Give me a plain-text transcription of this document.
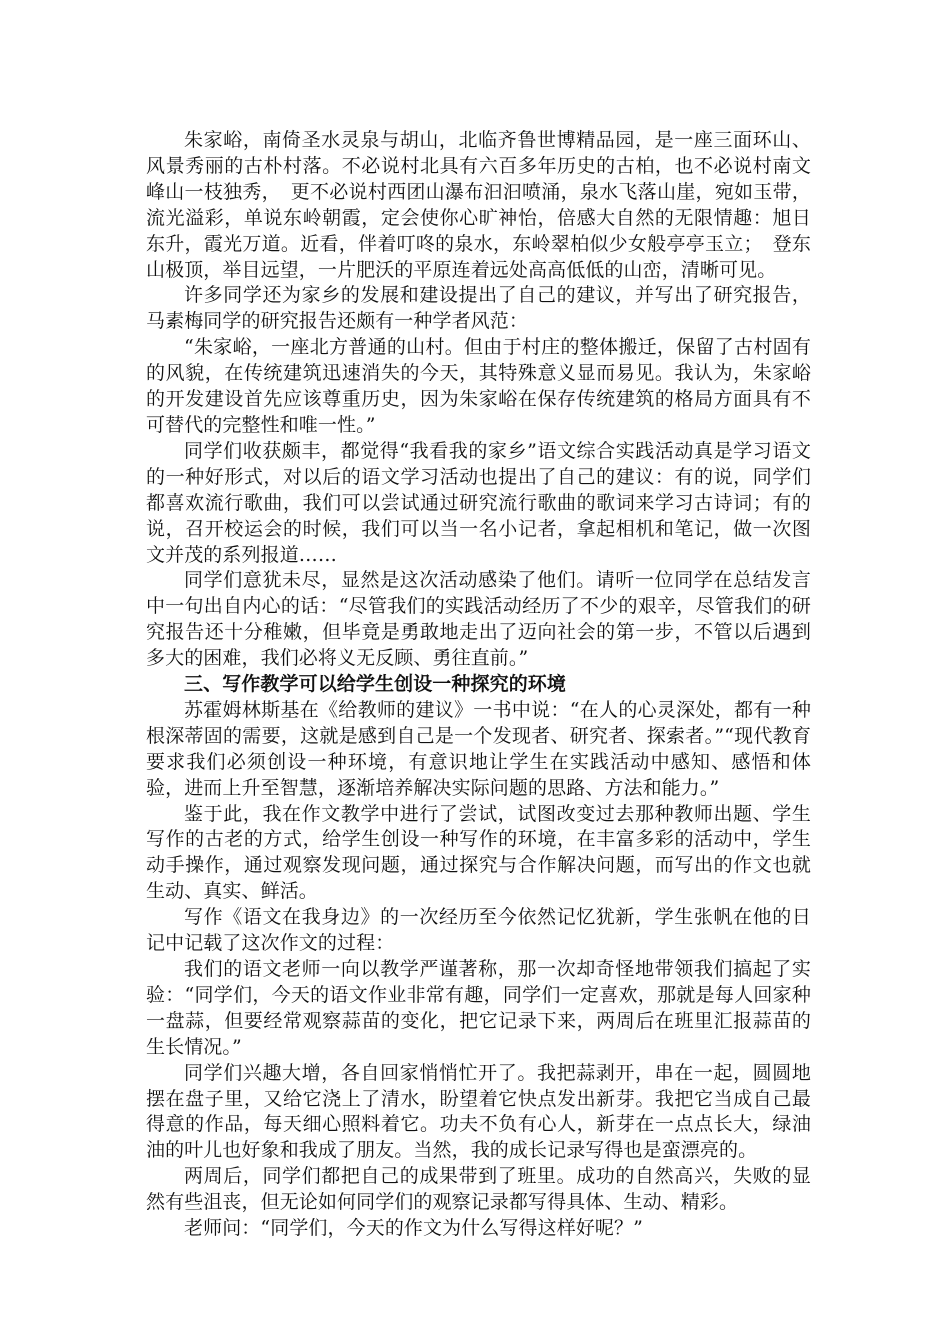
朱家峪，南倚圣水灵泉与胡山，北临齐鲁世博精品园，是一座三面环山、风景秀丽的古朴村落。不必说村北具有六百多年历史的古柏，也不必说村南文峰山一枝独秀，　更不必说村西团山瀑布汩汩喷涌，泉水飞落山崖，宛如玉带，流光溢彩，单说东岭朝霞，定会使你心旷神怡，倍感大自然的无限情趣：旭日东升，霞光万道。近看，伴着叮咚的泉水，东岭翠柏似少女般亭亭玉立；　登东山极顶，举目远望，一片肥沃的平原连着远处高高低低的山峦，清晰可见。

许多同学还为家乡的发展和建设提出了自己的建议，并写出了研究报告，马素梅同学的研究报告还颇有一种学者风范：

“朱家峪，一座北方普通的山村。但由于村庄的整体搬迁，保留了古村固有的风貌，在传统建筑迅速消失的今天，其特殊意义显而易见。我认为，朱家峪的开发建设首先应该尊重历史，因为朱家峪在保存传统建筑的格局方面具有不可替代的完整性和唯一性。”

同学们收获颇丰，都觉得“我看我的家乡”语文综合实践活动真是学习语文的一种好形式，对以后的语文学习活动也提出了自己的建议：有的说，同学们都喜欢流行歌曲，我们可以尝试通过研究流行歌曲的歌词来学习古诗词；有的说，召开校运会的时候，我们可以当一名小记者，拿起相机和笔记，做一次图文并茂的系列报道……

同学们意犹未尽，显然是这次活动感染了他们。请听一位同学在总结发言中一句出自内心的话：“尽管我们的实践活动经历了不少的艰辛，尽管我们的研究报告还十分稚嫩，但毕竟是勇敢地走出了迈向社会的第一步，不管以后遇到多大的困难，我们必将义无反顾、勇往直前。”

三、写作教学可以给学生创设一种探究的环境

苏霍姆林斯基在《给教师的建议》一书中说：“在人的心灵深处，都有一种根深蒂固的需要，这就是感到自己是一个发现者、研究者、探索者。”“现代教育要求我们必须创设一种环境，有意识地让学生在实践活动中感知、感悟和体验，进而上升至智慧，逐渐培养解决实际问题的思路、方法和能力。”

鉴于此，我在作文教学中进行了尝试，试图改变过去那种教师出题、学生写作的古老的方式，给学生创设一种写作的环境，在丰富多彩的活动中，学生动手操作，通过观察发现问题，通过探究与合作解决问题，而写出的作文也就生动、真实、鲜活。

写作《语文在我身边》的一次经历至今依然记忆犹新，学生张帆在他的日记中记载了这次作文的过程：

我们的语文老师一向以教学严谨著称，那一次却奇怪地带领我们搞起了实验：“同学们，今天的语文作业非常有趣，同学们一定喜欢，那就是每人回家种一盘蒜，但要经常观察蒜苗的变化，把它记录下来，两周后在班里汇报蒜苗的生长情况。”

同学们兴趣大增，各自回家悄悄忙开了。我把蒜剥开，串在一起，圆圆地摆在盘子里，又给它浇上了清水，盼望着它快点发出新芽。我把它当成自己最得意的作品，每天细心照料着它。功夫不负有心人，新芽在一点点长大，绿油油的叶儿也好象和我成了朋友。当然，我的成长记录写得也是蛮漂亮的。

两周后，同学们都把自己的成果带到了班里。成功的自然高兴，失败的显然有些沮丧，但无论如何同学们的观察记录都写得具体、生动、精彩。

老师问：“同学们，今天的作文为什么写得这样好呢？”
